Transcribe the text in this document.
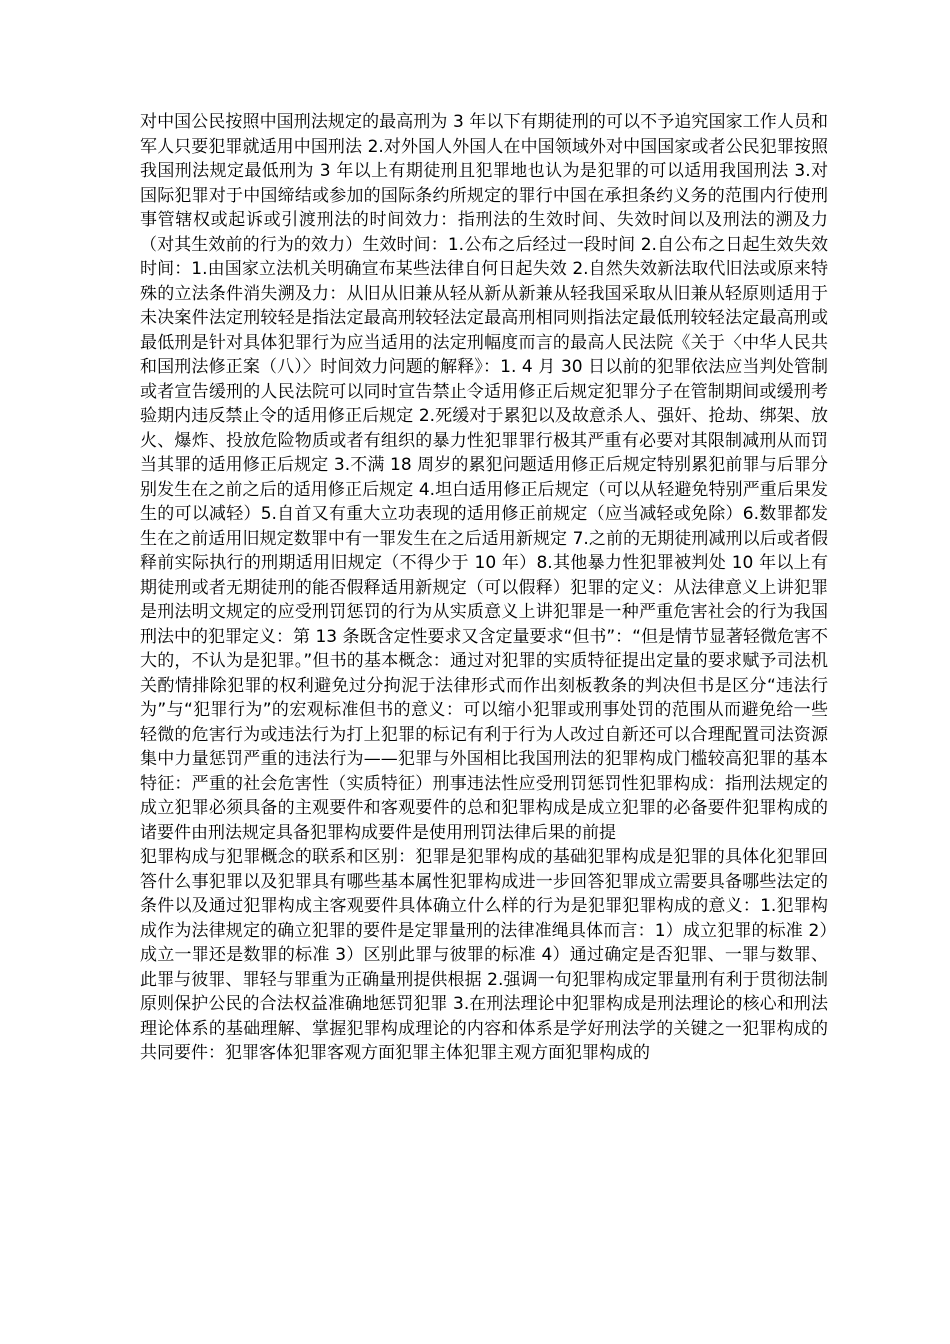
对中国公民按照中国刑法规定的最高刑为 3 年以下有期徒刑的可以不予追究国家工作人员和军人只要犯罪就适用中国刑法 2.对外国人外国人在中国领域外对中国国家或者公民犯罪按照我国刑法规定最低刑为 3 年以上有期徒刑且犯罪地也认为是犯罪的可以适用我国刑法 3.对国际犯罪对于中国缔结或参加的国际条约所规定的罪行中国在承担条约义务的范围内行使刑事管辖权或起诉或引渡刑法的时间效力：指刑法的生效时间、失效时间以及刑法的溯及力（对其生效前的行为的效力）生效时间：1.公布之后经过一段时间 2.自公布之日起生效失效时间：1.由国家立法机关明确宣布某些法律自何日起失效 2.自然失效新法取代旧法或原来特殊的立法条件消失溯及力：从旧从旧兼从轻从新从新兼从轻我国采取从旧兼从轻原则适用于未决案件法定刑较轻是指法定最高刑较轻法定最高刑相同则指法定最低刑较轻法定最高刑或最低刑是针对具体犯罪行为应当适用的法定刑幅度而言的最高人民法院《关于〈中华人民共和国刑法修正案（八）〉时间效力问题的解释》：1. 4 月 30 日以前的犯罪依法应当判处管制或者宣告缓刑的人民法院可以同时宣告禁止令适用修正后规定犯罪分子在管制期间或缓刑考验期内违反禁止令的适用修正后规定 2.死缓对于累犯以及故意杀人、强奸、抢劫、绑架、放火、爆炸、投放危险物质或者有组织的暴力性犯罪罪行极其严重有必要对其限制减刑从而罚当其罪的适用修正后规定 3.不满 18 周岁的累犯问题适用修正后规定特别累犯前罪与后罪分别发生在之前之后的适用修正后规定 4.坦白适用修正后规定（可以从轻避免特别严重后果发生的可以减轻）5.自首又有重大立功表现的适用修正前规定（应当减轻或免除）6.数罪都发生在之前适用旧规定数罪中有一罪发生在之后适用新规定 7.之前的无期徒刑减刑以后或者假释前实际执行的刑期适用旧规定（不得少于 10 年）8.其他暴力性犯罪被判处 10 年以上有期徒刑或者无期徒刑的能否假释适用新规定（可以假释）犯罪的定义：从法律意义上讲犯罪是刑法明文规定的应受刑罚惩罚的行为从实质意义上讲犯罪是一种严重危害社会的行为我国刑法中的犯罪定义：第 13 条既含定性要求又含定量要求“但书”：“但是情节显著轻微危害不大的，不认为是犯罪。”但书的基本概念：通过对犯罪的实质特征提出定量的要求赋予司法机关酌情排除犯罪的权利避免过分拘泥于法律形式而作出刻板教条的判决但书是区分“违法行为”与“犯罪行为”的宏观标准但书的意义：可以缩小犯罪或刑事处罚的范围从而避免给一些轻微的危害行为或违法行为打上犯罪的标记有利于行为人改过自新还可以合理配置司法资源集中力量惩罚严重的违法行为——犯罪与外国相比我国刑法的犯罪构成门槛较高犯罪的基本特征：严重的社会危害性（实质特征）刑事违法性应受刑罚惩罚性犯罪构成：指刑法规定的成立犯罪必须具备的主观要件和客观要件的总和犯罪构成是成立犯罪的必备要件犯罪构成的诸要件由刑法规定具备犯罪构成要件是使用刑罚法律后果的前提

犯罪构成与犯罪概念的联系和区别：犯罪是犯罪构成的基础犯罪构成是犯罪的具体化犯罪回答什么事犯罪以及犯罪具有哪些基本属性犯罪构成进一步回答犯罪成立需要具备哪些法定的条件以及通过犯罪构成主客观要件具体确立什么样的行为是犯罪犯罪构成的意义：1.犯罪构成作为法律规定的确立犯罪的要件是定罪量刑的法律准绳具体而言：1）成立犯罪的标准 2）成立一罪还是数罪的标准 3）区别此罪与彼罪的标准 4）通过确定是否犯罪、一罪与数罪、此罪与彼罪、罪轻与罪重为正确量刑提供根据 2.强调一句犯罪构成定罪量刑有利于贯彻法制原则保护公民的合法权益准确地惩罚犯罪 3.在刑法理论中犯罪构成是刑法理论的核心和刑法理论体系的基础理解、掌握犯罪构成理论的内容和体系是学好刑法学的关键之一犯罪构成的共同要件：犯罪客体犯罪客观方面犯罪主体犯罪主观方面犯罪构成的
